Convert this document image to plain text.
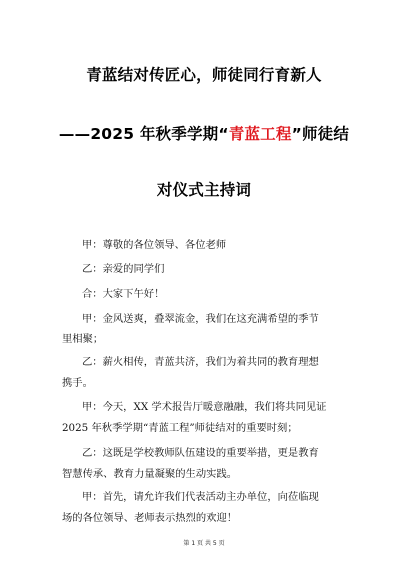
青蓝结对传匠心，师徒同行育新人
——2025 年秋季学期“青蓝工程”师徒结
对仪式主持词
甲：尊敬的各位领导、各位老师
乙：亲爱的同学们
合：大家下午好！
甲：金风送爽，叠翠流金，我们在这充满希望的季节
里相聚；
乙：薪火相传，青蓝共济，我们为着共同的教育理想
携手。
甲：今天，XX 学术报告厅暖意融融，我们将共同见证
2025 年秋季学期“青蓝工程”师徒结对的重要时刻；
乙：这既是学校教师队伍建设的重要举措，更是教育
智慧传承、教育力量凝聚的生动实践。
甲：首先，请允许我们代表活动主办单位，向莅临现
场的各位领导、老师表示热烈的欢迎！
第 1 页 共 5 页
